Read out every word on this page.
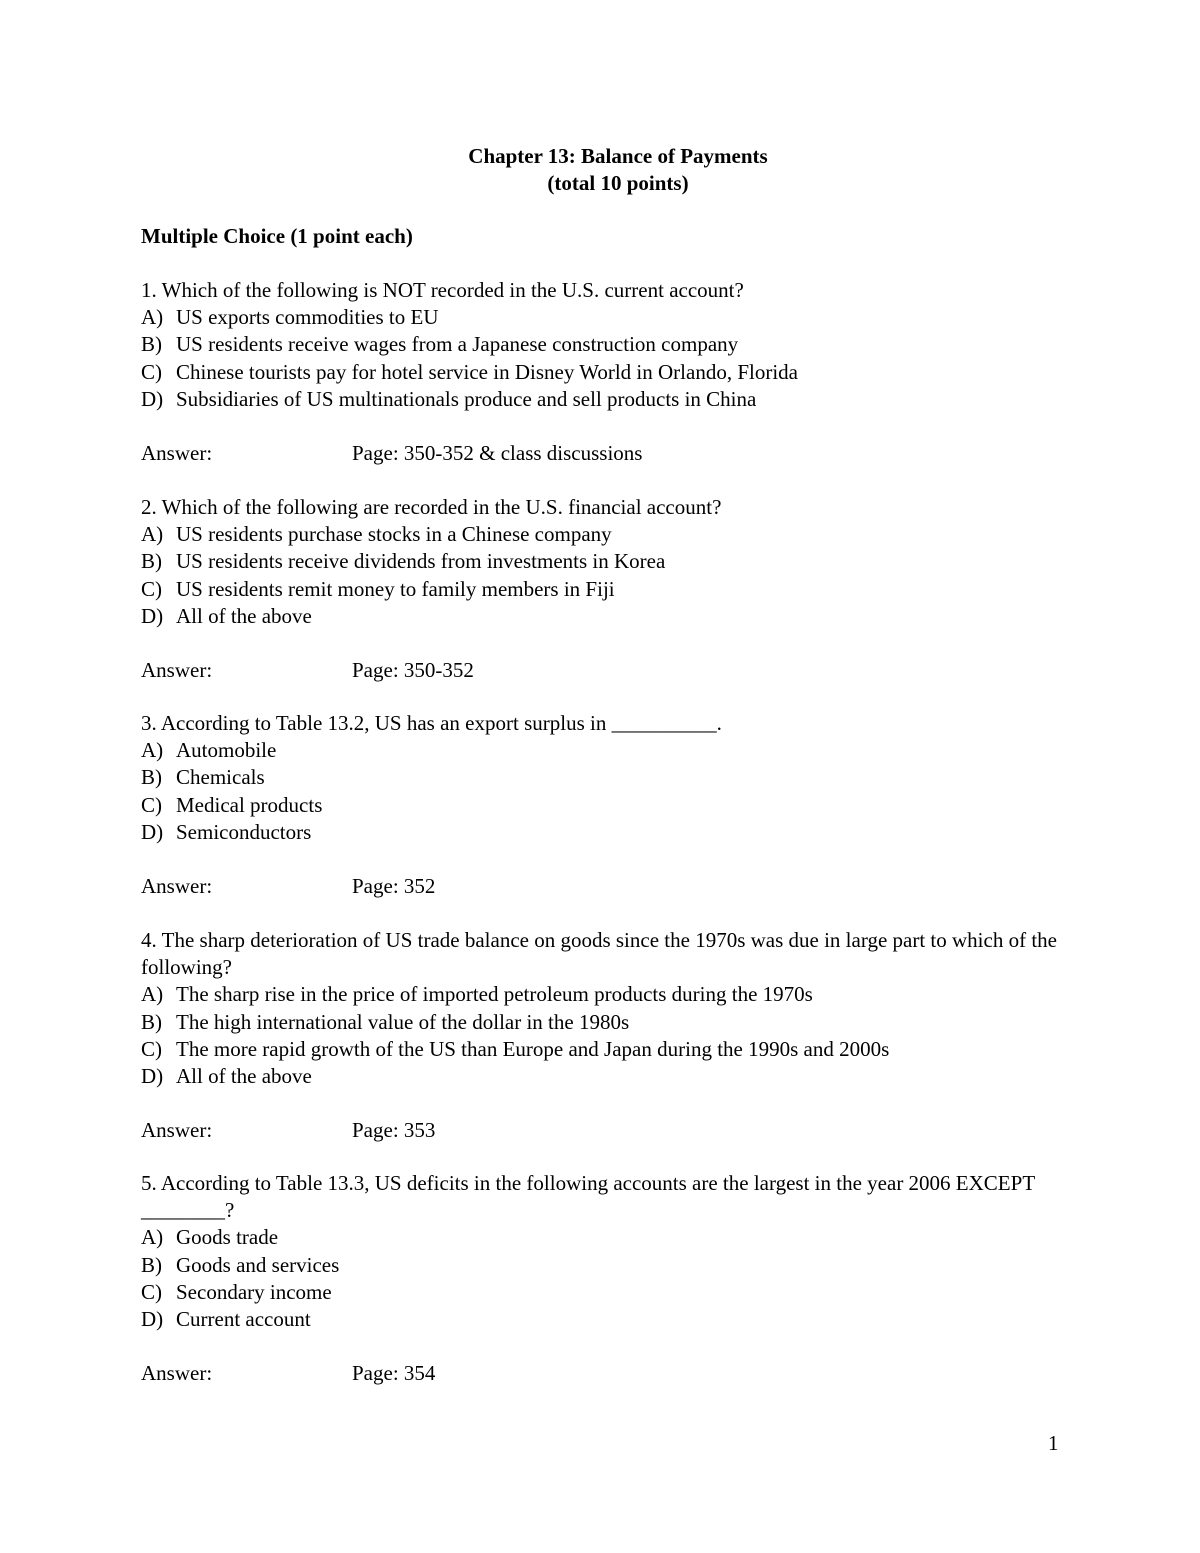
Chapter 13: Balance of Payments
(total 10 points)
Multiple Choice (1 point each)
1. Which of the following is NOT recorded in the U.S. current account?
A) US exports commodities to EU
B) US residents receive wages from a Japanese construction company
C) Chinese tourists pay for hotel service in Disney World in Orlando, Florida
D) Subsidiaries of US multinationals produce and sell products in China
Answer:	Page: 350-352 & class discussions
2. Which of the following are recorded in the U.S. financial account?
A) US residents purchase stocks in a Chinese company
B) US residents receive dividends from investments in Korea
C) US residents remit money to family members in Fiji
D) All of the above
Answer:	Page: 350-352
3. According to Table 13.2, US has an export surplus in __________.
A) Automobile
B) Chemicals
C) Medical products
D) Semiconductors
Answer:	Page: 352
4. The sharp deterioration of US trade balance on goods since the 1970s was due in large part to which of the following?
A) The sharp rise in the price of imported petroleum products during the 1970s
B) The high international value of the dollar in the 1980s
C) The more rapid growth of the US than Europe and Japan during the 1990s and 2000s
D) All of the above
Answer:	Page: 353
5. According to Table 13.3, US deficits in the following accounts are the largest in the year 2006 EXCEPT ________?
A) Goods trade
B) Goods and services
C) Secondary income
D) Current account
Answer:	Page: 354
1
